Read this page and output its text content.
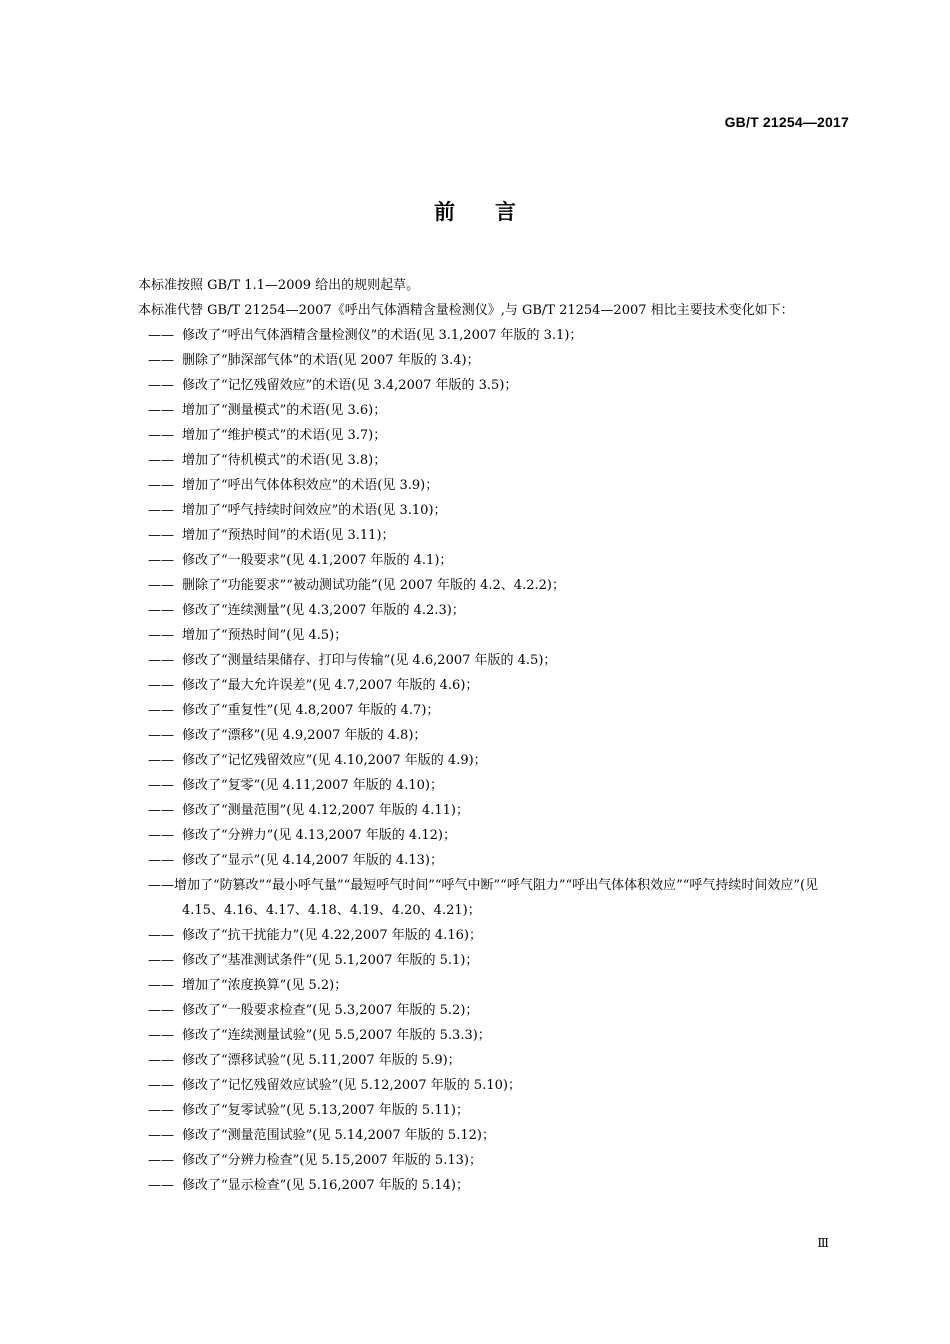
GB/T 21254—2017
前言

本标准按照 GB/T 1.1—2009 给出的规则起草。

本标准代替 GB/T 21254—2007《呼出气体酒精含量检测仪》,与 GB/T 21254—2007 相比主要技术变化如下：

—— 修改了“呼出气体酒精含量检测仪”的术语(见 3.1,2007 年版的 3.1)；
—— 删除了“肺深部气体”的术语(见 2007 年版的 3.4)；
—— 修改了“记忆残留效应”的术语(见 3.4,2007 年版的 3.5)；
—— 增加了“测量模式”的术语(见 3.6)；
—— 增加了“维护模式”的术语(见 3.7)；
—— 增加了“待机模式”的术语(见 3.8)；
—— 增加了“呼出气体体积效应”的术语(见 3.9)；
—— 增加了“呼气持续时间效应”的术语(见 3.10)；
—— 增加了“预热时间”的术语(见 3.11)；
—— 修改了“一般要求”(见 4.1,2007 年版的 4.1)；
—— 删除了“功能要求”“被动测试功能”(见 2007 年版的 4.2、4.2.2)；
—— 修改了“连续测量”(见 4.3,2007 年版的 4.2.3)；
—— 增加了“预热时间”(见 4.5)；
—— 修改了“测量结果储存、打印与传输”(见 4.6,2007 年版的 4.5)；
—— 修改了“最大允许误差”(见 4.7,2007 年版的 4.6)；
—— 修改了“重复性”(见 4.8,2007 年版的 4.7)；
—— 修改了“漂移”(见 4.9,2007 年版的 4.8)；
—— 修改了“记忆残留效应”(见 4.10,2007 年版的 4.9)；
—— 修改了“复零”(见 4.11,2007 年版的 4.10)；
—— 修改了“测量范围”(见 4.12,2007 年版的 4.11)；
—— 修改了“分辨力”(见 4.13,2007 年版的 4.12)；
—— 修改了“显示”(见 4.14,2007 年版的 4.13)；
——增加了“防篡改”“最小呼气量”“最短呼气时间”“呼气中断”“呼气阻力”“呼出气体体积效应”“呼气持续时间效应”(见 4.15、4.16、4.17、4.18、4.19、4.20、4.21)；
—— 修改了“抗干扰能力”(见 4.22,2007 年版的 4.16)；
—— 修改了“基准测试条件”(见 5.1,2007 年版的 5.1)；
—— 增加了“浓度换算”(见 5.2)；
—— 修改了“一般要求检查”(见 5.3,2007 年版的 5.2)；
—— 修改了“连续测量试验”(见 5.5,2007 年版的 5.3.3)；
—— 修改了“漂移试验”(见 5.11,2007 年版的 5.9)；
—— 修改了“记忆残留效应试验”(见 5.12,2007 年版的 5.10)；
—— 修改了“复零试验”(见 5.13,2007 年版的 5.11)；
—— 修改了“测量范围试验”(见 5.14,2007 年版的 5.12)；
—— 修改了“分辨力检查”(见 5.15,2007 年版的 5.13)；
—— 修改了“显示检查”(见 5.16,2007 年版的 5.14)；
Ⅲ
